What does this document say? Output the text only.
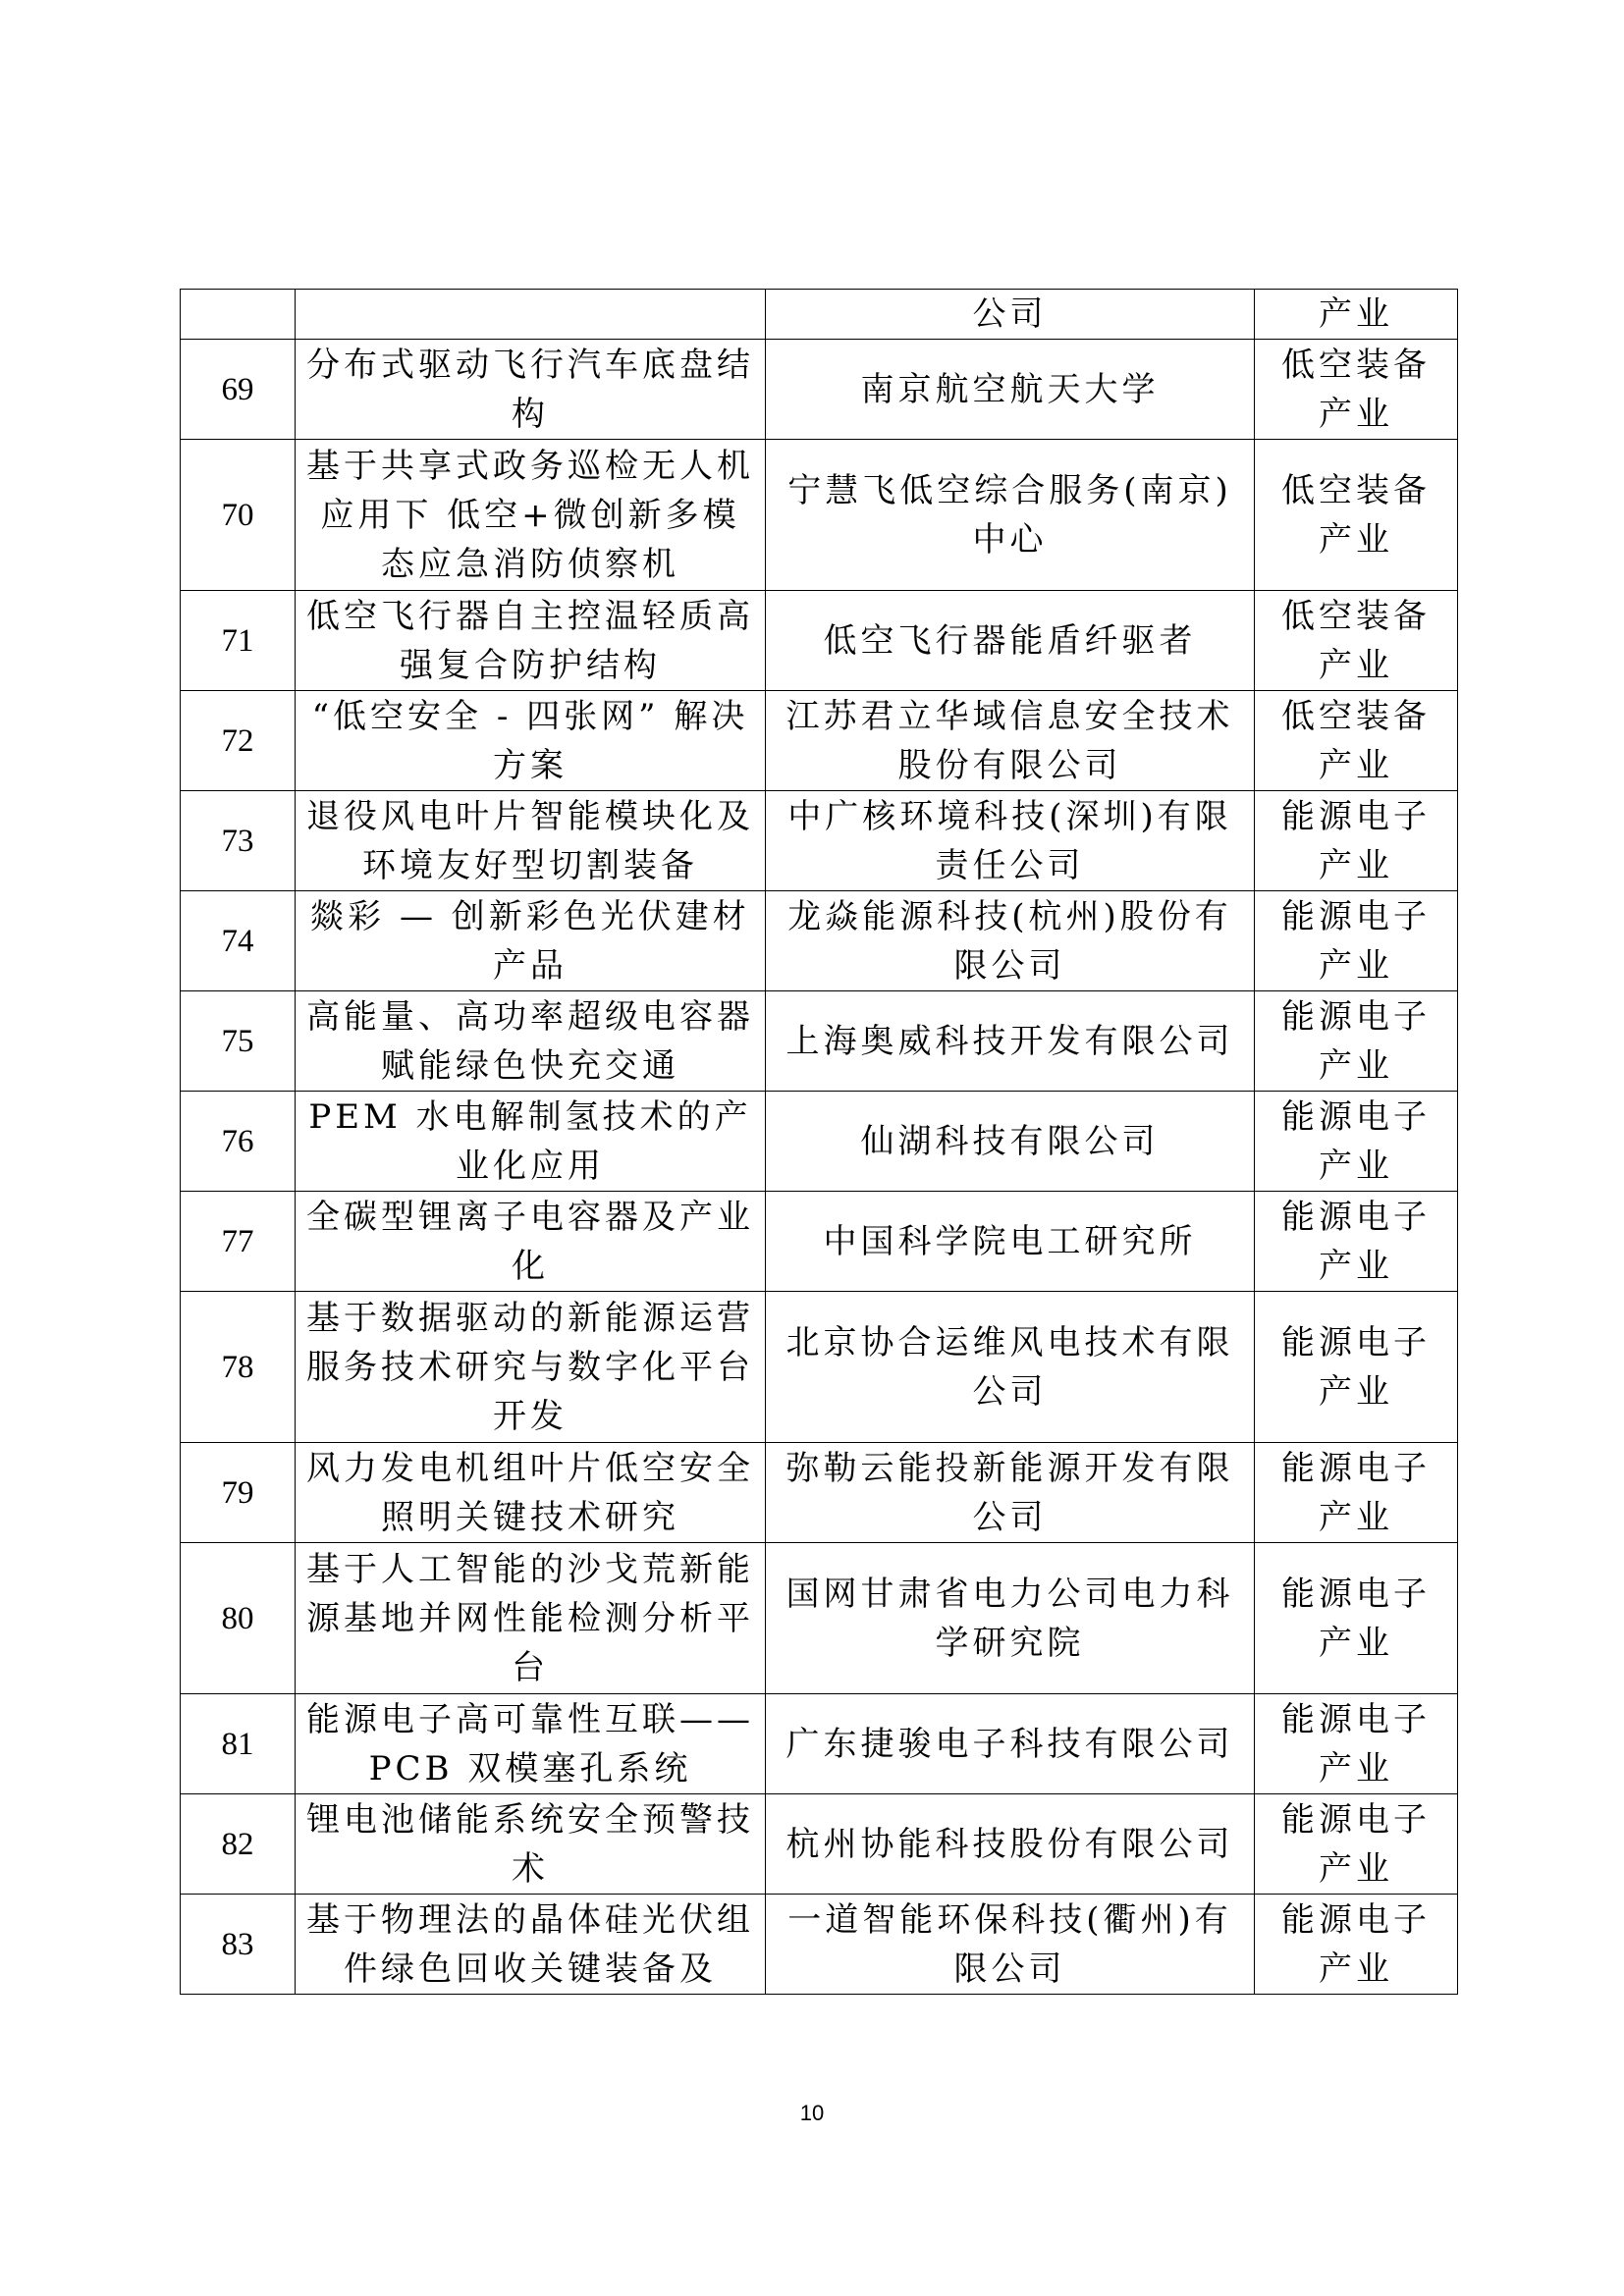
		公司	产业
69	分布式驱动飞行汽车底盘结构	南京航空航天大学	低空装备产业
70	基于共享式政务巡检无人机应用下 低空+微创新多模态应急消防侦察机	宁慧飞低空综合服务(南京)中心	低空装备产业
71	低空飞行器自主控温轻质高强复合防护结构	低空飞行器能盾纤驱者	低空装备产业
72	“低空安全 - 四张网” 解决方案	江苏君立华域信息安全技术股份有限公司	低空装备产业
73	退役风电叶片智能模块化及环境友好型切割装备	中广核环境科技(深圳)有限责任公司	能源电子产业
74	燚彩 — 创新彩色光伏建材产品	龙焱能源科技(杭州)股份有限公司	能源电子产业
75	高能量、高功率超级电容器赋能绿色快充交通	上海奥威科技开发有限公司	能源电子产业
76	PEM 水电解制氢技术的产业化应用	仙湖科技有限公司	能源电子产业
77	全碳型锂离子电容器及产业化	中国科学院电工研究所	能源电子产业
78	基于数据驱动的新能源运营服务技术研究与数字化平台开发	北京协合运维风电技术有限公司	能源电子产业
79	风力发电机组叶片低空安全照明关键技术研究	弥勒云能投新能源开发有限公司	能源电子产业
80	基于人工智能的沙戈荒新能源基地并网性能检测分析平台	国网甘肃省电力公司电力科学研究院	能源电子产业
81	能源电子高可靠性互联——PCB 双模塞孔系统	广东捷骏电子科技有限公司	能源电子产业
82	锂电池储能系统安全预警技术	杭州协能科技股份有限公司	能源电子产业
83	基于物理法的晶体硅光伏组件绿色回收关键装备及	一道智能环保科技(衢州)有限公司	能源电子产业
10
